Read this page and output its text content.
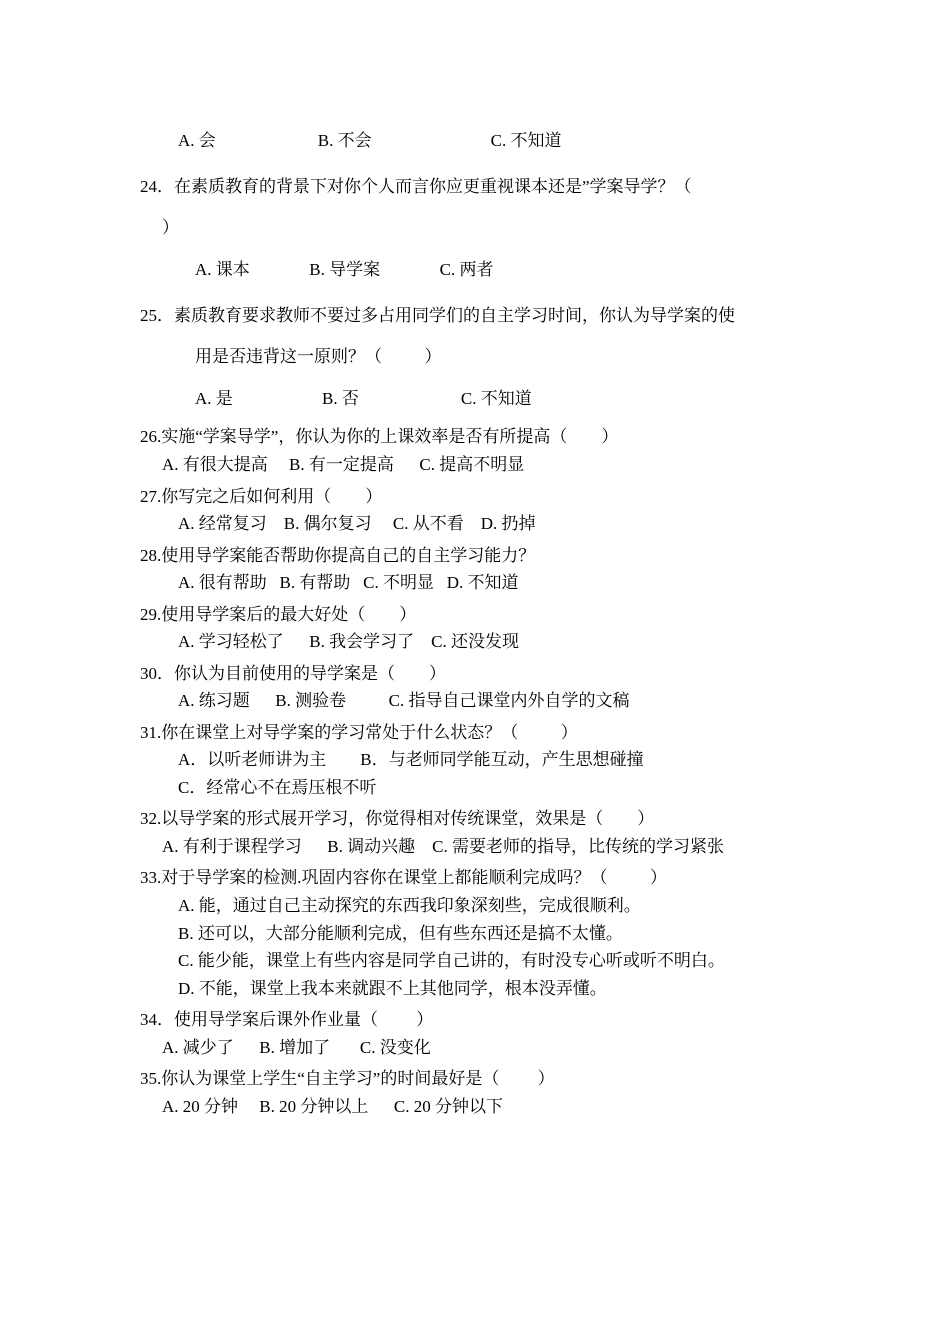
A. 会                        B. 不会                            C. 不知道
24．在素质教育的背景下对你个人而言你应更重视课本还是”学案导学？（
）
A. 课本              B. 导学案              C. 两者
25．素质教育要求教师不要过多占用同学们的自主学习时间，你认为导学案的使
用是否违背这一原则？（          ）
A. 是                     B. 否                        C. 不知道
26.实施“学案导学”，你认为你的上课效率是否有所提高（        ）
A. 有很大提高     B. 有一定提高      C. 提高不明显
27.你写完之后如何利用（        ）
A. 经常复习    B. 偶尔复习     C. 从不看    D. 扔掉
28.使用导学案能否帮助你提高自己的自主学习能力？
A. 很有帮助   B. 有帮助   C. 不明显   D. 不知道
29.使用导学案后的最大好处（        ）
A. 学习轻松了      B. 我会学习了    C. 还没发现
30．你认为目前使用的导学案是（        ）
A. 练习题      B. 测验卷          C. 指导自己课堂内外自学的文稿
31.你在课堂上对导学案的学习常处于什么状态？（          ）
A．以听老师讲为主        B．与老师同学能互动，产生思想碰撞
C．经常心不在焉压根不听
32.以导学案的形式展开学习，你觉得相对传统课堂，效果是（        ）
A. 有利于课程学习      B. 调动兴趣    C. 需要老师的指导，比传统的学习紧张
33.对于导学案的检测.巩固内容你在课堂上都能顺利完成吗？（          ）
A. 能，通过自己主动探究的东西我印象深刻些，完成很顺利。
B. 还可以，大部分能顺利完成，但有些东西还是搞不太懂。
C. 能少能，课堂上有些内容是同学自己讲的，有时没专心听或听不明白。
D. 不能，课堂上我本来就跟不上其他同学，根本没弄懂。
34．使用导学案后课外作业量（         ）
A. 减少了      B. 增加了       C. 没变化
35.你认为课堂上学生“自主学习”的时间最好是（         ）
A. 20 分钟     B. 20 分钟以上      C. 20 分钟以下
